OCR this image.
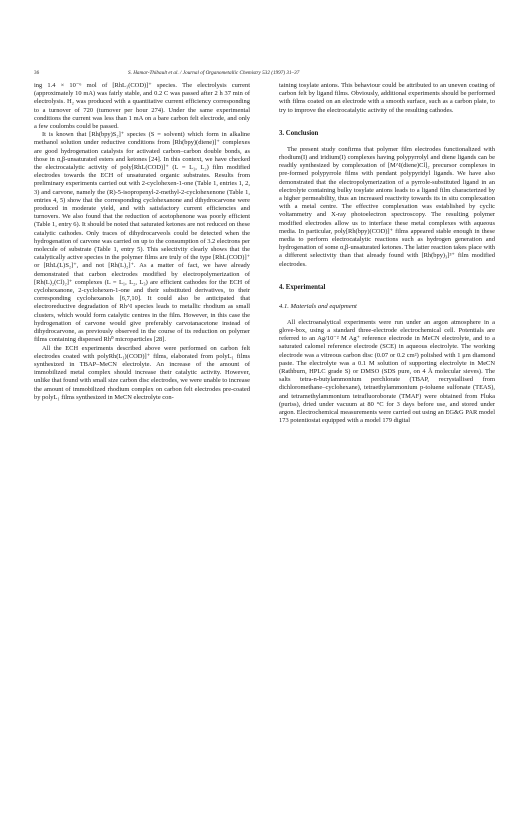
36	S. Hamar-Thibault et al. / Journal of Organometallic Chemistry 532 (1997) 31–37

ing 1.4 × 10⁻⁶ mol of [RhL₁(COD)]⁺ species. The electrolysis current (approximately 10 mA) was fairly stable, and 0.2 C was passed after 2 h 37 min of electrolysis. H₂ was produced with a quantitative current efficiency corresponding to a turnover of 720 (turnover per hour 274). Under the same experimental conditions the current was less than 1 mA on a bare carbon felt electrode, and only a few coulombs could be passed.

It is known that [Rh(bpy)S₂]⁺ species (S = solvent) which form in alkaline methanol solution under reductive conditions from [Rh(bpy)(diene)]⁺ complexes are good hydrogenation catalysts for activated carbon–carbon double bonds, as those in α,β-unsaturated esters and ketones [24]. In this context, we have checked the electrocatalytic activity of poly[RhL(COD)]⁺ (L = L₁, L₂) film modified electrodes towards the ECH of unsaturated organic substrates. Results from preliminary experiments carried out with 2-cyclohexen-1-one (Table 1, entries 1, 2, 3) and carvone, namely the (R)-5-isopropenyl-2-methyl-2-cyclohexenone (Table 1, entries 4, 5) show that the corresponding cyclohexanone and dihydrocarvone were produced in moderate yield, and with satisfactory current efficiencies and turnovers. We also found that the reduction of acetophenone was poorly efficient (Table 1, entry 6). It should be noted that saturated ketones are not reduced on these catalytic cathodes. Only traces of dihydrocarveols could be detected when the hydrogenation of carvone was carried on up to the consumption of 3.2 electrons per molecule of substrate (Table 1, entry 5). This selectivity clearly shows that the catalytically active species in the polymer films are truly of the type [RhL(COD)]⁺ or [RhL(L)S₂]⁺, and not [Rh(L)₂]⁺. As a matter of fact, we have already demonstrated that carbon electrodes modified by electropolymerization of [Rh(L)₂(Cl)₂]⁺ complexes (L = L₁, L₂, L₃) are efficient cathodes for the ECH of cyclohexanone, 2-cyclohexen-1-one and their substituted derivatives, to their corresponding cyclohexanols [6,7,10]. It could also be anticipated that electroreductive degradation of Rh^I species leads to metallic rhodium as small clusters, which would form catalytic centres in the film. However, in this case the hydrogenation of carvone would give preferably carvotanacetone instead of dihydrocarvone, as previously observed in the course of its reduction on polymer films containing dispersed Rh⁰ microparticles [28].

All the ECH experiments described above were performed on carbon felt electrodes coated with polyRh(L₁)(COD)]⁺ films, elaborated from polyL₁ films synthesized in TBAP–MeCN electrolyte. An increase of the amount of immobilized metal complex should increase their catalytic activity. However, unlike that found with small size carbon disc electrodes, we were unable to increase the amount of immobilized rhodium complex on carbon felt electrodes pre-coated by polyL₁ films synthesized in MeCN electrolyte con-

taining tosylate anions. This behaviour could be attributed to an uneven coating of carbon felt by ligand films. Obviously, additional experiments should be performed with films coated on an electrode with a smooth surface, such as a carbon plate, to try to improve the electrocatalytic activity of the resulting cathodes.

3. Conclusion

The present study confirms that polymer film electrodes functionalized with rhodium(I) and iridium(I) complexes having polypyrrolyl and diene ligands can be readily synthesized by complexation of [M^I(diene)Cl]₂ precursor complexes in pre-formed polypyrrole films with pendant polypyridyl ligands. We have also demonstrated that the electropolymerization of a pyrrole-substituted ligand in an electrolyte containing bulky tosylate anions leads to a ligand film characterized by a higher permeability, thus an increased reactivity towards its in situ complexation with a metal centre. The effective complexation was established by cyclic voltammetry and X-ray photoelectron spectroscopy. The resulting polymer modified electrodes allow us to interface these metal complexes with aqueous media. In particular, poly[Rh(bpy)(COD)]⁺ films appeared stable enough in these media to perform electrocatalytic reactions such as hydrogen generation and hydrogenation of some α,β-unsaturated ketones. The latter reaction takes place with a different selectivity than that already found with [Rh(bpy)₃]³⁺ film modified electrodes.

4. Experimental
4.1. Materials and equipment

All electroanalytical experiments were run under an argon atmosphere in a glove-box, using a standard three-electrode electrochemical cell. Potentials are referred to an Ag/10⁻² M Ag⁺ reference electrode in MeCN electrolyte, and to a saturated calomel reference electrode (SCE) in aqueous electrolyte. The working electrode was a vitreous carbon disc (0.07 or 0.2 cm²) polished with 1 μm diamond paste. The electrolyte was a 0.1 M solution of supporting electrolyte in MeCN (Rathburn, HPLC grade S) or DMSO (SDS pure, on 4 Å molecular sieves). The salts tetra-n-butylammonium perchlorate (TBAP, recrystallised from dichloromethane–cyclohexane), tetraethylammonium p-toluene sulfonate (TEAS), and tetramethylammonium tetrafluoroborate (TMAF) were obtained from Fluka (puriss), dried under vacuum at 80 °C for 3 days before use, and stored under argon. Electrochemical measurements were carried out using an EG&G PAR model 173 potentiostat equipped with a model 179 digital
